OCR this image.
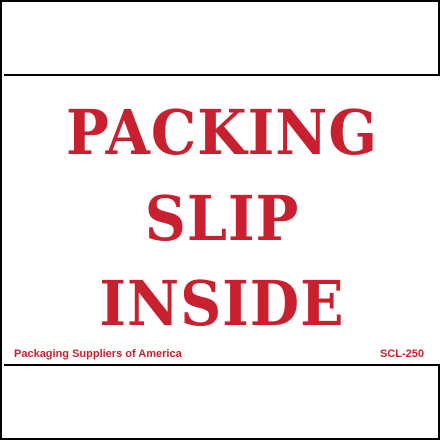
PACKING
SLIP
INSIDE
Packaging Suppliers of America	SCL-250
